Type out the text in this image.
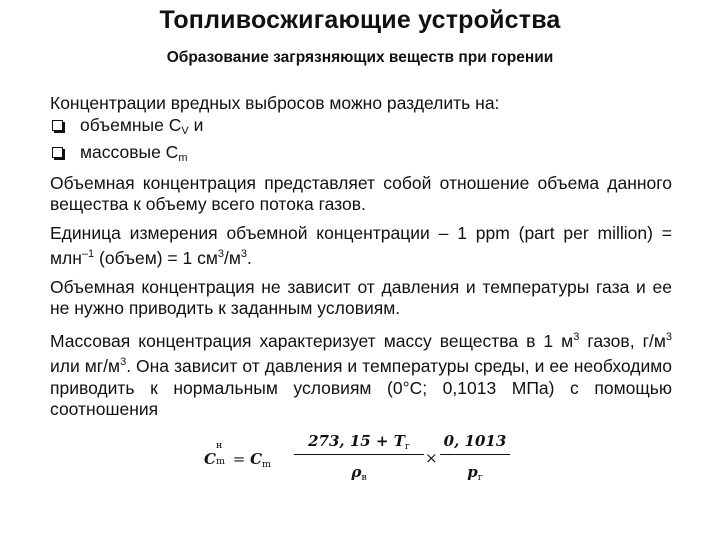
Топливосжигающие устройства
Образование загрязняющих веществ при горении

Концентрации вредных выбросов можно разделить на:

объемные $С_V$ и
массовые $С_m$

Объемная концентрация представляет собой отношение объема данного вещества к объему всего потока газов.

Единица измерения объемной концентрации – 1 ppm (part per million) = млн$^{-1}$ (объем) = 1 $см^3/м^3$.

Объемная концентрация не зависит от давления и температуры газа и ее не нужно приводить к заданным условиям.

Массовая концентрация характеризует массу вещества в 1 $м^3$ газов, $г/м^3$ или $мг/м^3$. Она зависит от давления и температуры среды, и ее необходимо приводить к нормальным условиям (0°С; 0,1013 МПа) с помощью соотношения

C
н
$m = C_m$
273, $15 + T_г$
$\rho_в$
×
0, 1013
$p_г$
